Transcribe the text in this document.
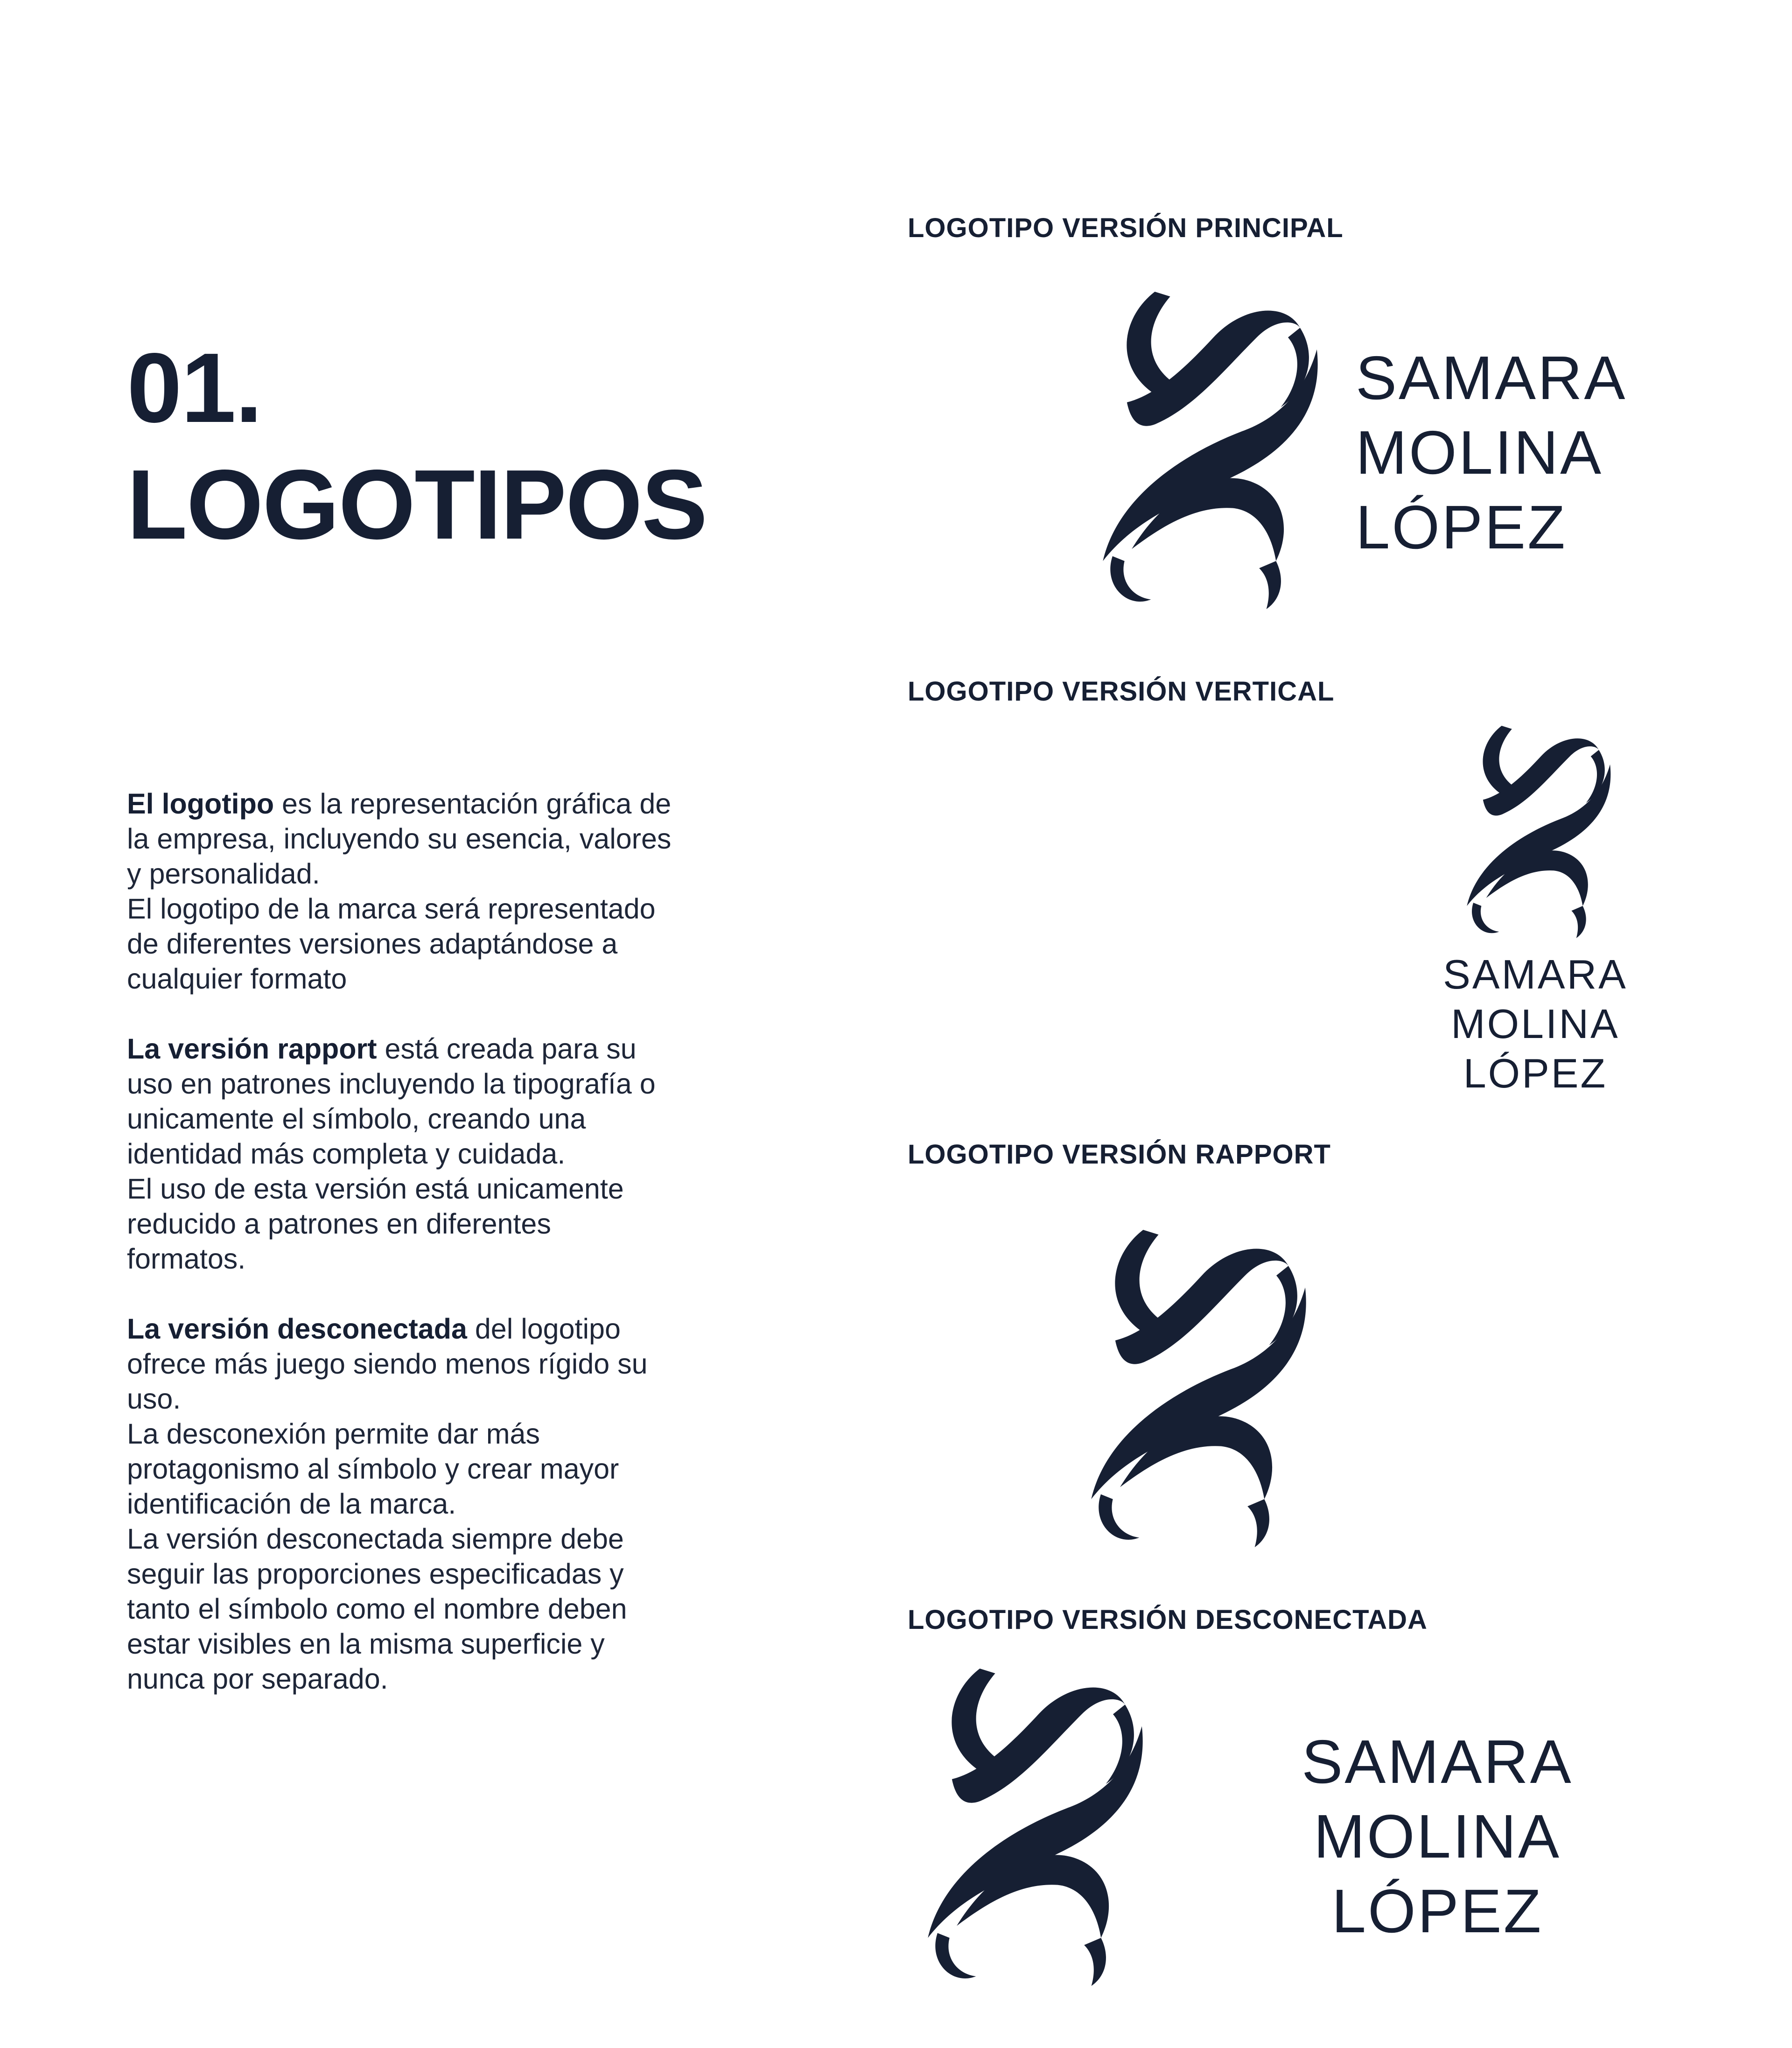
01.
LOGOTIPOS
El logotipo es la representación gráfica de
la empresa, incluyendo su esencia, valores
y personalidad.
El logotipo de la marca será representado
de diferentes versiones adaptándose a
cualquier formato
La versión rapport está creada para su
uso en patrones incluyendo la tipografía o
unicamente el símbolo, creando una
identidad más completa y cuidada.
El uso de esta versión está unicamente
reducido a patrones en diferentes
formatos.
La versión desconectada del logotipo
ofrece más juego siendo menos rígido su
uso.
La desconexión permite dar más
protagonismo al símbolo y crear mayor
identificación de la marca.
La versión desconectada siempre debe
seguir las proporciones especificadas y
tanto el símbolo como el nombre deben
estar visibles en la misma superficie y
nunca por separado.
LOGOTIPO VERSIÓN PRINCIPAL
SAMARA
MOLINA
LÓPEZ
LOGOTIPO VERSIÓN VERTICAL
SAMARA
MOLINA
LÓPEZ
LOGOTIPO VERSIÓN RAPPORT
LOGOTIPO VERSIÓN DESCONECTADA
SAMARA
MOLINA
LÓPEZ
